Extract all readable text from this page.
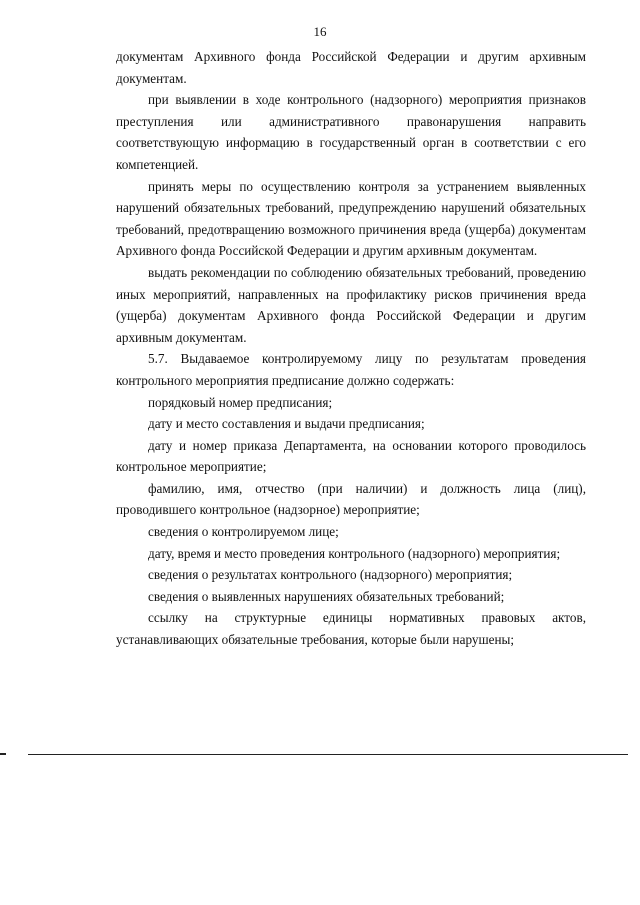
16

документам Архивного фонда Российской Федерации и другим архивным документам.

при выявлении в ходе контрольного (надзорного) мероприятия признаков преступления или административного правонарушения направить соответствующую информацию в государственный орган в соответствии с его компетенцией.

принять меры по осуществлению контроля за устранением выявленных нарушений обязательных требований, предупреждению нарушений обязательных требований, предотвращению возможного причинения вреда (ущерба) документам Архивного фонда Российской Федерации и другим архивным документам.

выдать рекомендации по соблюдению обязательных требований, проведению иных мероприятий, направленных на профилактику рисков причинения вреда (ущерба) документам Архивного фонда Российской Федерации и другим архивным документам.

5.7. Выдаваемое контролируемому лицу по результатам проведения контрольного мероприятия предписание должно содержать:

порядковый номер предписания;

дату и место составления и выдачи предписания;

дату и номер приказа Департамента, на основании которого проводилось контрольное мероприятие;

фамилию, имя, отчество (при наличии) и должность лица (лиц), проводившего контрольное (надзорное) мероприятие;

сведения о контролируемом лице;

дату, время и место проведения контрольного (надзорного) мероприятия;

сведения о результатах контрольного (надзорного) мероприятия;

сведения о выявленных нарушениях обязательных требований;

ссылку на структурные единицы нормативных правовых актов, устанавливающих обязательные требования, которые были нарушены;
